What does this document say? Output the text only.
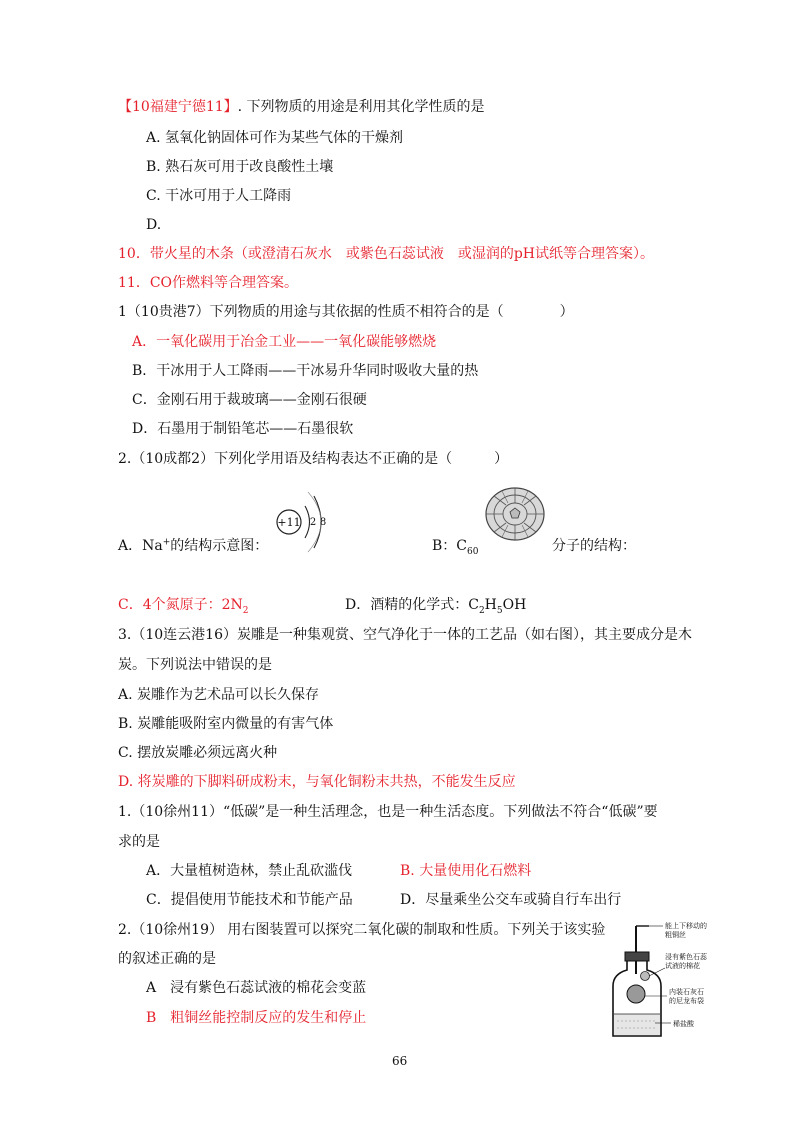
【10福建宁德11】. 下列物质的用途是利用其化学性质的是
A. 氢氧化钠固体可作为某些气体的干燥剂
B. 熟石灰可用于改良酸性土壤
C. 干冰可用于人工降雨
D.
10．带火星的木条（或澄清石灰水　或紫色石蕊试液　或湿润的pH试纸等合理答案）。
11．CO作燃料等合理答案。
1（10贵港7）下列物质的用途与其依据的性质不相符合的是（　　　　）
A．一氧化碳用于冶金工业——一氧化碳能够燃烧
B．干冰用于人工降雨——干冰易升华同时吸收大量的热
C．金刚石用于裁玻璃——金刚石很硬
D．石墨用于制铅笔芯——石墨很软
2.（10成都2）下列化学用语及结构表达不正确的是（　　　）
+11 2 8
A．Na+的结构示意图：	B：$C_{60}$	分子的结构：
C．4个氮原子：$2N_2$	D．酒精的化学式：$C_2H_5OH$
3.（10连云港16）炭雕是一种集观赏、空气净化于一体的工艺品（如右图），其主要成分是木
炭。下列说法中错误的是
A. 炭雕作为艺术品可以长久保存
B. 炭雕能吸附室内微量的有害气体
C. 摆放炭雕必须远离火种
D. 将炭雕的下脚料研成粉末，与氧化铜粉末共热，不能发生反应
1.（10徐州11）“低碳”是一种生活理念，也是一种生活态度。下列做法不符合“低碳”要
求的是
A．大量植树造林，禁止乱砍滥伐	B. 大量使用化石燃料
C．提倡使用节能技术和节能产品	D．尽量乘坐公交车或骑自行车出行
2.（10徐州19） 用右图装置可以探究二氧化碳的制取和性质。下列关于该实验
的叙述正确的是
A　浸有紫色石蕊试液的棉花会变蓝
B　粗铜丝能控制反应的发生和停止
能上下移动的
粗铜丝
浸有紫色石蕊
试液的棉花
内装石灰石
的尼龙布袋
稀盐酸
66
